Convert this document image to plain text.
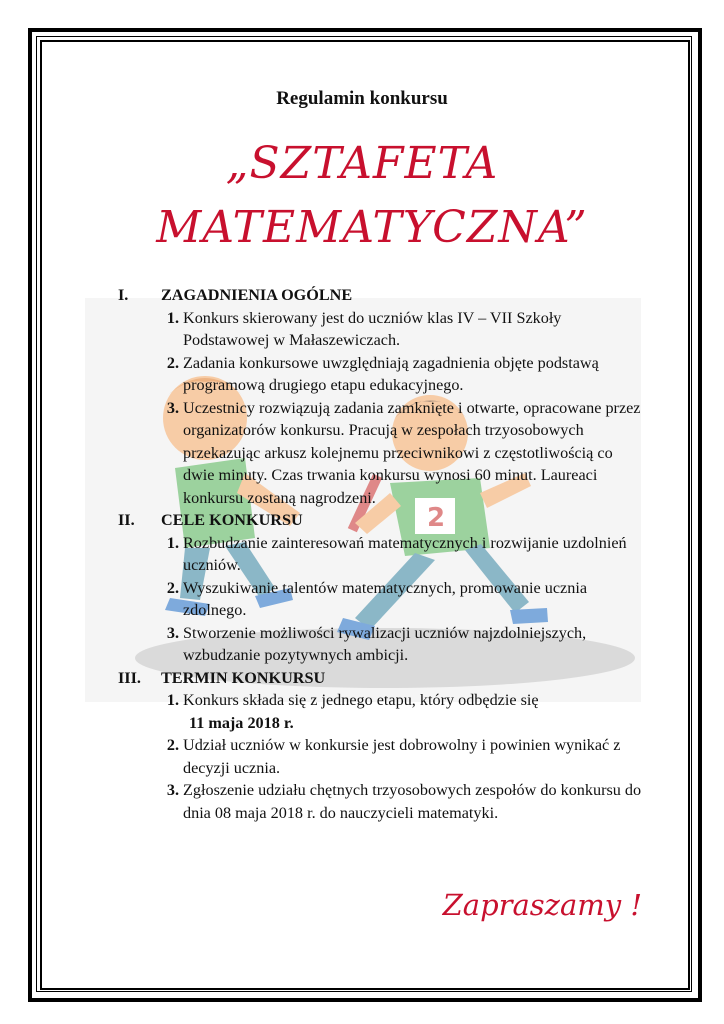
Regulamin konkursu
„SZTAFETA
MATEMATYCZNA”
2
I.	ZAGADNIENIA OGÓLNE
1. Konkurs skierowany jest do uczniów klas IV – VII Szkoły Podstawowej w Małaszewiczach.
2. Zadania konkursowe uwzględniają zagadnienia objęte podstawą programową drugiego etapu edukacyjnego.
3. Uczestnicy rozwiązują zadania zamknięte i otwarte, opracowane przez organizatorów konkursu. Pracują w zespołach trzyosobowych przekazując arkusz kolejnemu przeciwnikowi z częstotliwością co dwie minuty. Czas trwania konkursu wynosi 60 minut. Laureaci konkursu zostaną nagrodzeni.
II.	CELE KONKURSU
1. Rozbudzanie zainteresowań matematycznych i rozwijanie uzdolnień uczniów.
2. Wyszukiwanie talentów matematycznych, promowanie ucznia zdolnego.
3. Stworzenie możliwości rywalizacji uczniów najzdolniejszych, wzbudzanie pozytywnych ambicji.
III.	TERMIN KONKURSU
1. Konkurs składa się z jednego etapu, który odbędzie się
11 maja 2018 r.
2. Udział uczniów w konkursie jest dobrowolny i powinien wynikać z decyzji ucznia.
3. Zgłoszenie udziału chętnych trzyosobowych zespołów do konkursu do dnia 08 maja 2018 r. do nauczycieli matematyki.
Zapraszamy !
